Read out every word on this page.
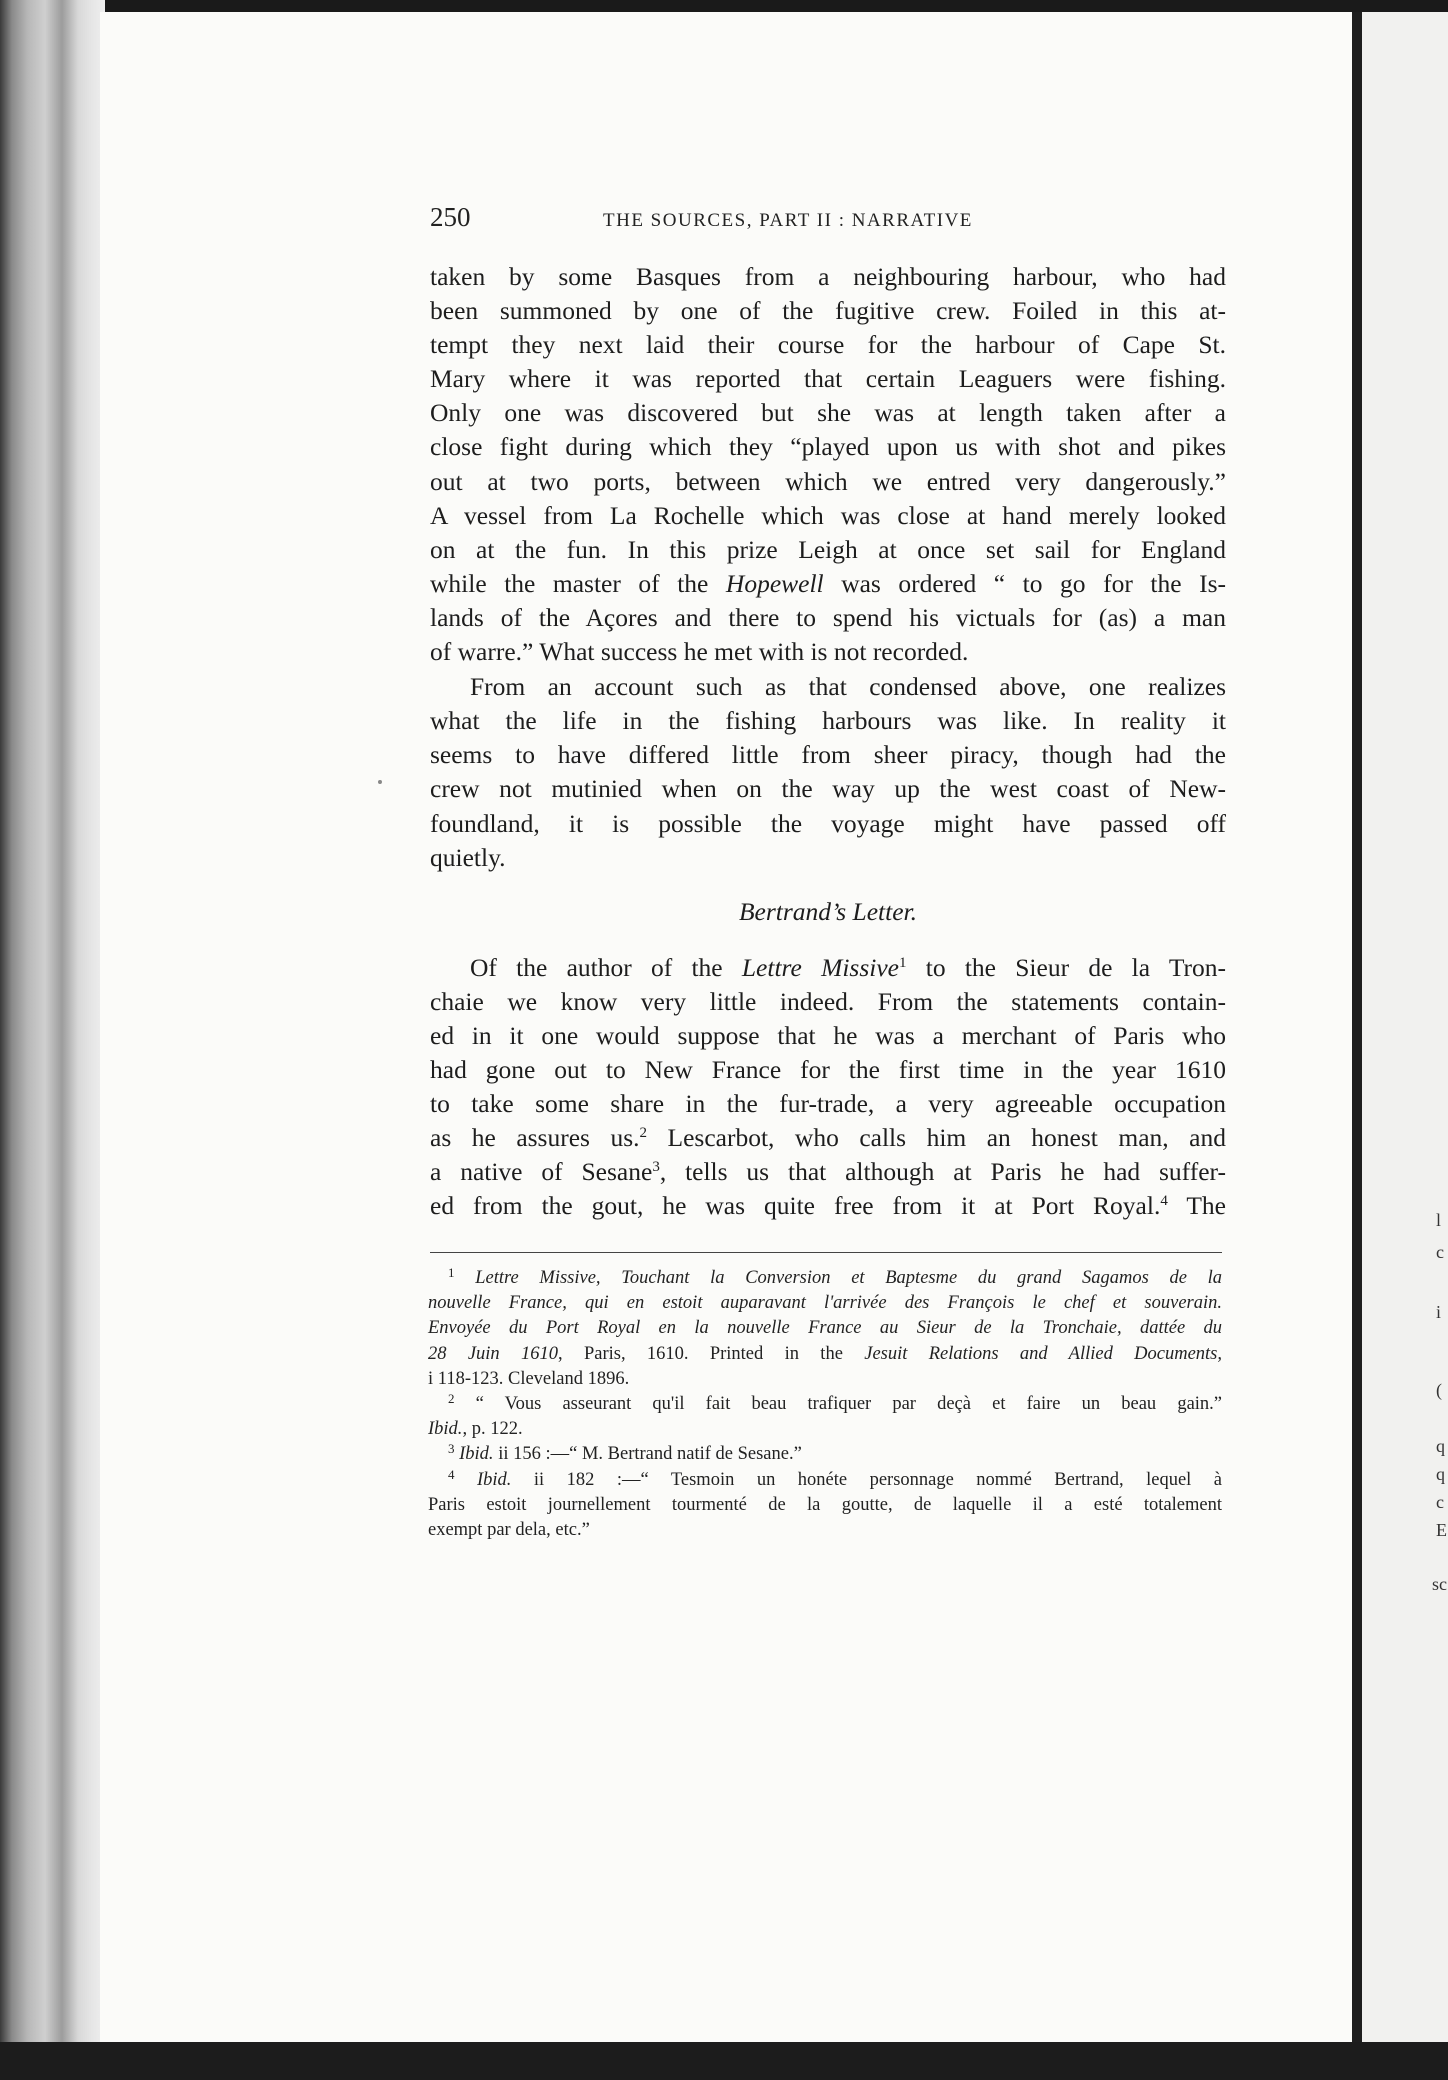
l
c
i
(
q
q
c
E
sc
250	THE SOURCES, PART II : NARRATIVE

taken by some Basques from a neighbouring harbour, who had
been summoned by one of the fugitive crew. Foiled in this at-
tempt they next laid their course for the harbour of Cape St.
Mary where it was reported that certain Leaguers were fishing.
Only one was discovered but she was at length taken after a
close fight during which they “played upon us with shot and pikes
out at two ports, between which we entred very dangerously.”
A vessel from La Rochelle which was close at hand merely looked
on at the fun. In this prize Leigh at once set sail for England
while the master of the Hopewell was ordered “ to go for the Is-
lands of the Açores and there to spend his victuals for (as) a man
of warre.” What success he met with is not recorded.

From an account such as that condensed above, one realizes
what the life in the fishing harbours was like. In reality it
seems to have differed little from sheer piracy, though had the
crew not mutinied when on the way up the west coast of New-
foundland, it is possible the voyage might have passed off
quietly.

Bertrand’s Letter.

Of the author of the Lettre Missive$^1$ to the Sieur de la Tron-
chaie we know very little indeed. From the statements contain-
ed in it one would suppose that he was a merchant of Paris who
had gone out to New France for the first time in the year 1610
to take some share in the fur-trade, a very agreeable occupation
as he assures us.$^2$ Lescarbot, who calls him an honest man, and
a native of Sesane$^3$, tells us that although at Paris he had suffer-
ed from the gout, he was quite free from it at Port Royal.$^4$ The

$^1$ Lettre Missive, Touchant la Conversion et Baptesme du grand Sagamos de la
nouvelle France, qui en estoit auparavant l'arrivée des François le chef et souverain.
Envoyée du Port Royal en la nouvelle France au Sieur de la Tronchaie, dattée du
28 Juin 1610, Paris, 1610. Printed in the Jesuit Relations and Allied Documents,
i 118-123. Cleveland 1896.

$^2$ “ Vous asseurant qu'il fait beau trafiquer par deçà et faire un beau gain.”
Ibid., p. 122.

$^3$ Ibid. ii 156 :—“ M. Bertrand natif de Sesane.”

$^4$ Ibid. ii 182 :—“ Tesmoin un honéte personnage nommé Bertrand, lequel à
Paris estoit journellement tourmenté de la goutte, de laquelle il a esté totalement
exempt par dela, etc.”
